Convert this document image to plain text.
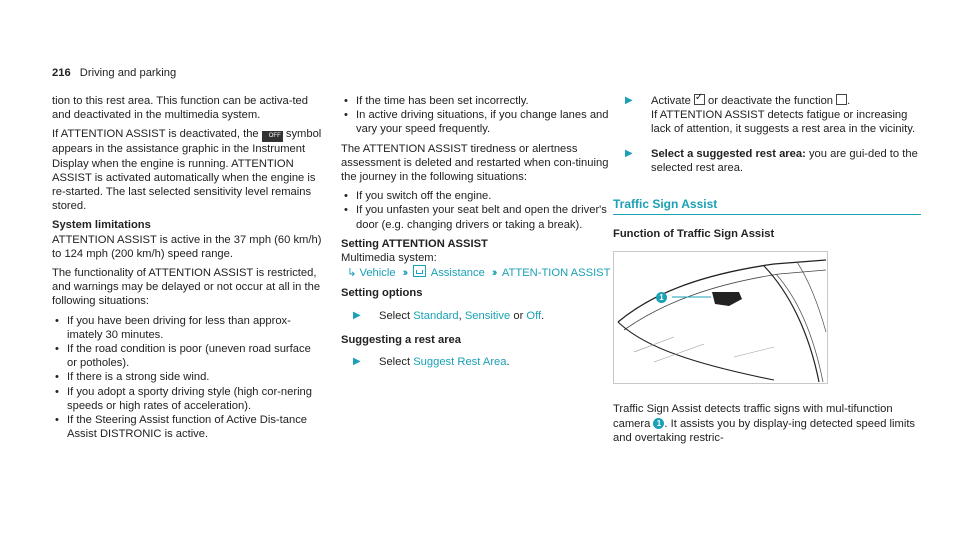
216 Driving and parking

tion to this rest area. This function can be activa-ted and deactivated in the multimedia system.

If ATTENTION ASSIST is deactivated, the OFF symbol appears in the assistance graphic in the Instrument Display when the engine is running. ATTENTION ASSIST is activated automatically when the engine is re-started. The last selected sensitivity level remains stored.

System limitations

ATTENTION ASSIST is active in the 37 mph (60 km/h) to 124 mph (200 km/h) speed range.

The functionality of ATTENTION ASSIST is restricted, and warnings may be delayed or not occur at all in the following situations:

• If you have been driving for less than approx-imately 30 minutes.
• If the road condition is poor (uneven road surface or potholes).
• If there is a strong side wind.
• If you adopt a sporty driving style (high cor-nering speeds or high rates of acceleration).
• If the Steering Assist function of Active Dis-tance Assist DISTRONIC is active.
• If the time has been set incorrectly.
• In active driving situations, if you change lanes and vary your speed frequently.

The ATTENTION ASSIST tiredness or alertness assessment is deleted and restarted when con-tinuing the journey in the following situations:

• If you switch off the engine.
• If you unfasten your seat belt and open the driver's door (e.g. changing drivers or taking a break).
Setting ATTENTION ASSIST
Multimedia system:
↳ Vehicle ›› Assistance ›› ATTEN-TION ASSIST
Setting options
▶	Select Standard, Sensitive or Off.
Suggesting a rest area
▶	Select Suggest Rest Area.
▶	Activate ✓ or deactivate the function .
If ATTENTION ASSIST detects fatigue or increasing lack of attention, it suggests a rest area in the vicinity.
▶	Select a suggested rest area: you are gui-ded to the selected rest area.
Traffic Sign Assist
Function of Traffic Sign Assist
1

Traffic Sign Assist detects traffic signs with mul-tifunction camera 1 . It assists you by display-ing detected speed limits and overtaking restric-
